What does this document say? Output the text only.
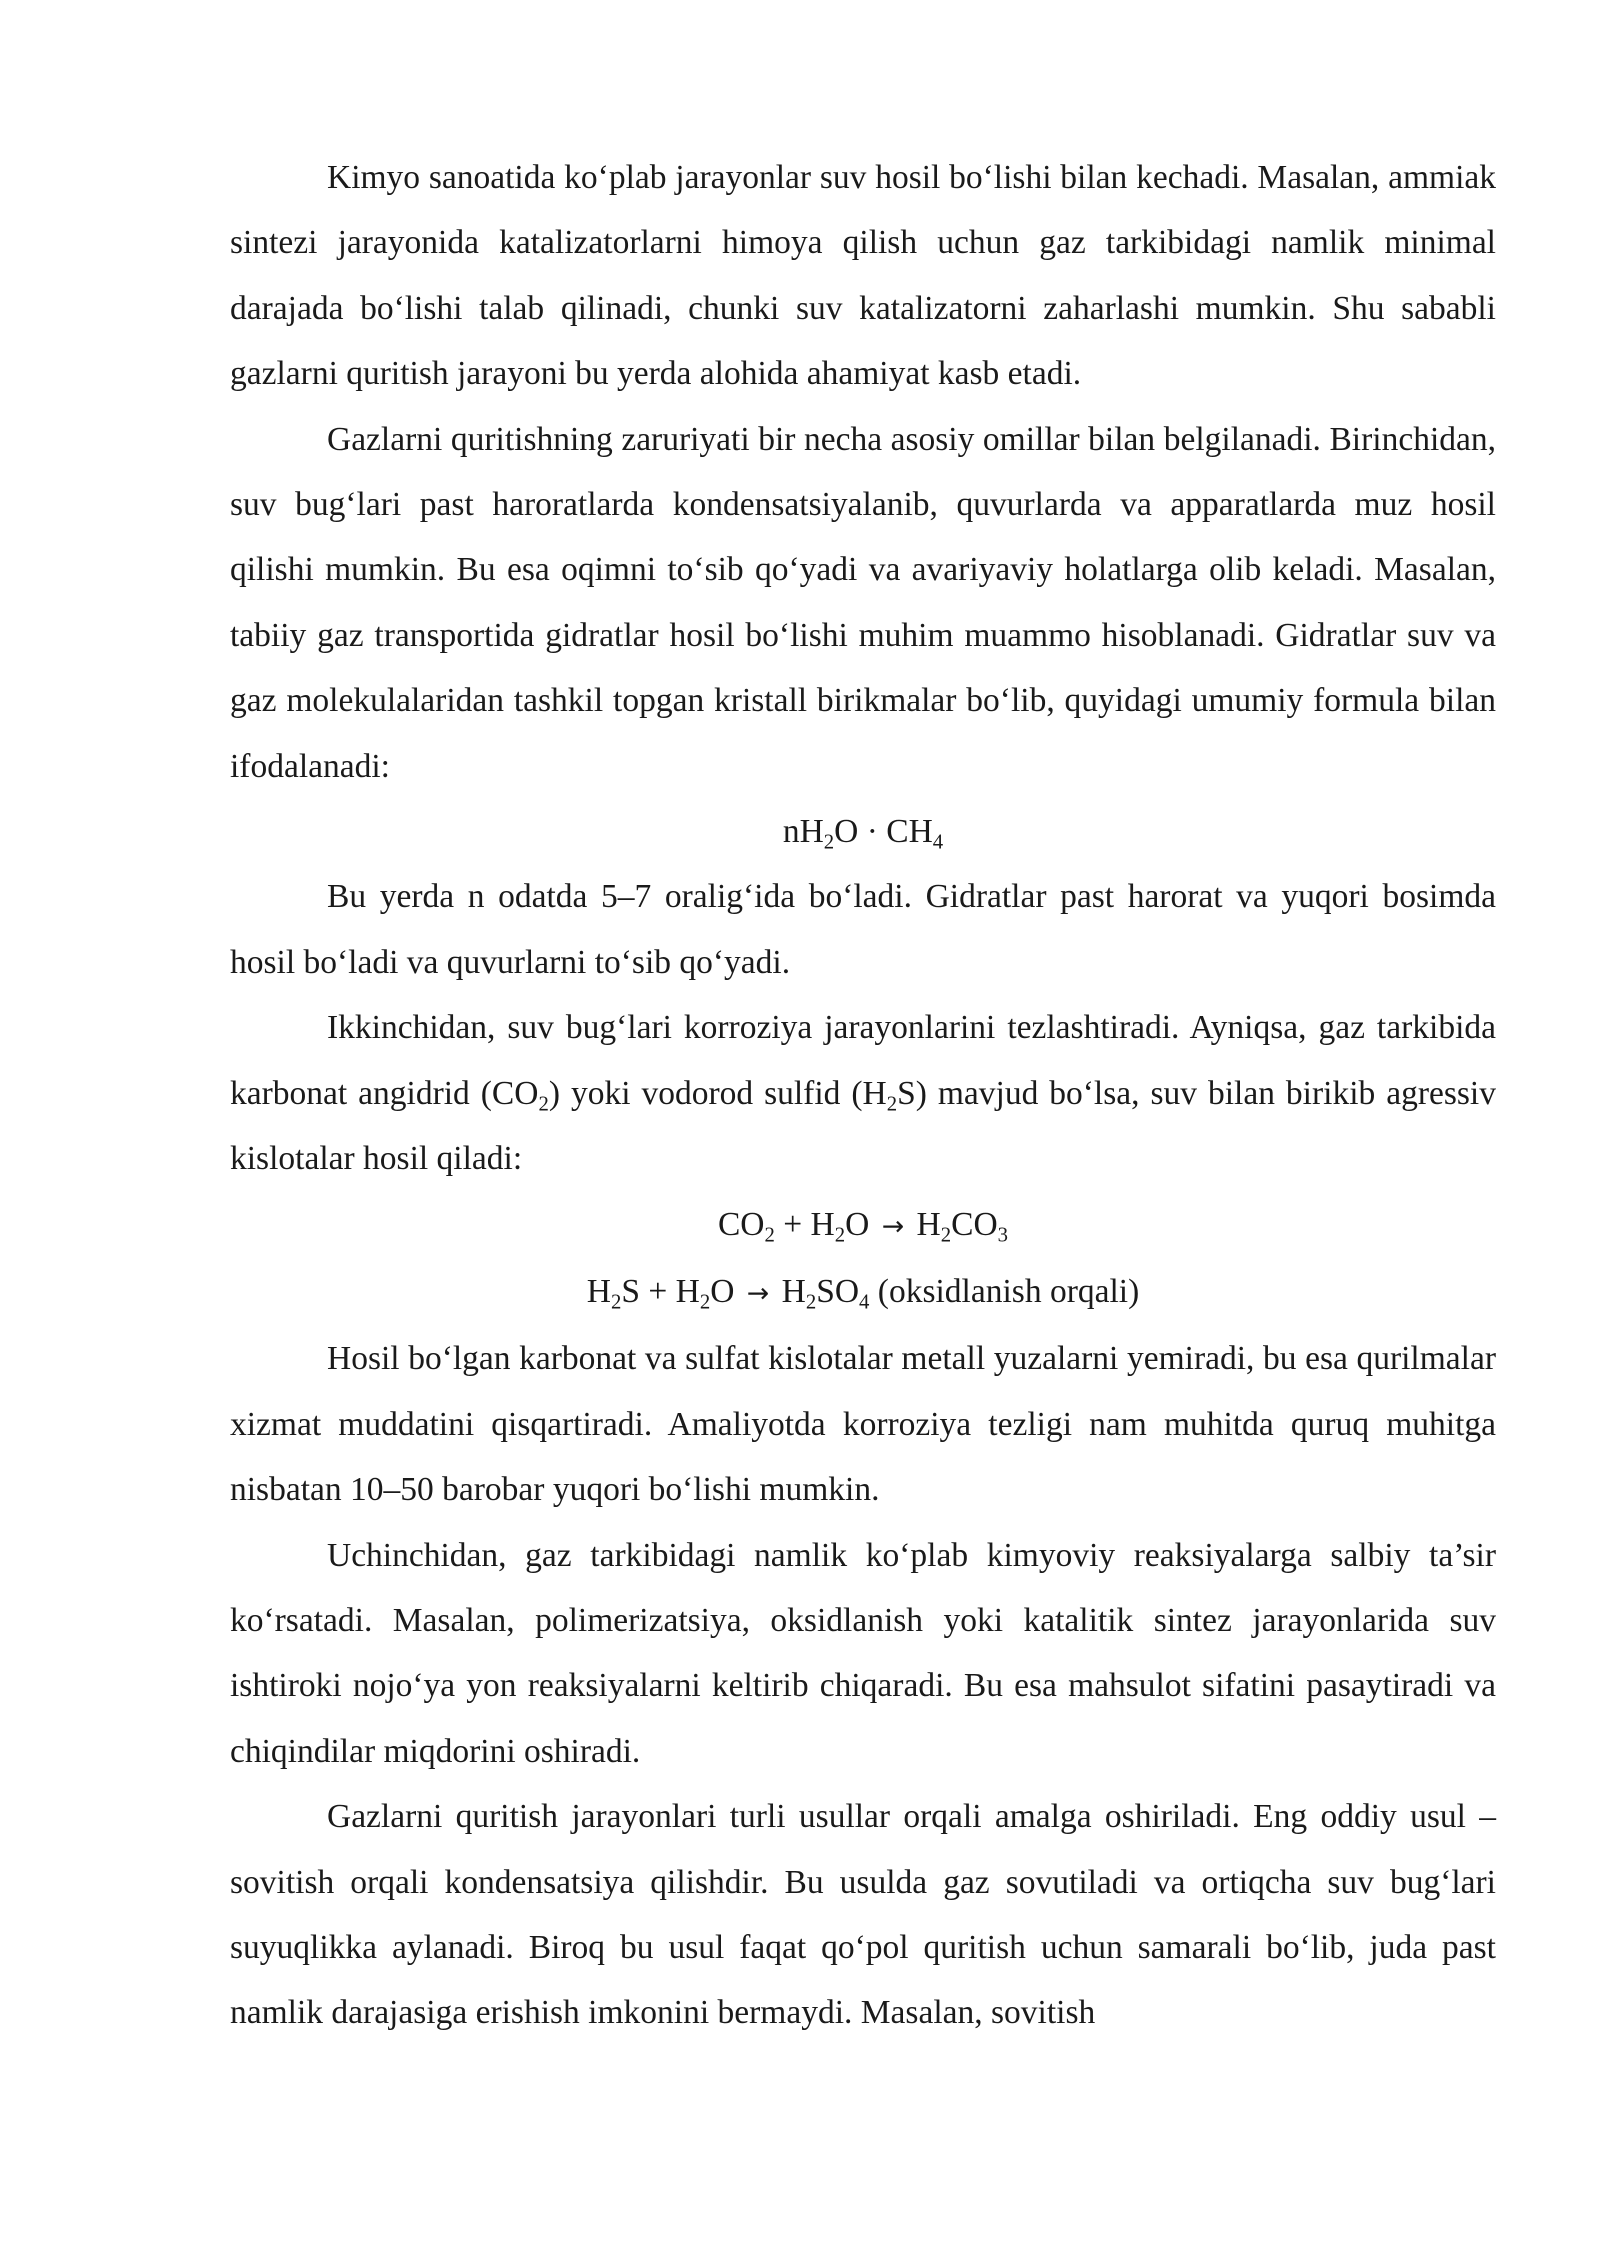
Kimyo sanoatida ko‘plab jarayonlar suv hosil bo‘lishi bilan kechadi. Masalan, ammiak sintezi jarayonida katalizatorlarni himoya qilish uchun gaz tarkibidagi namlik minimal darajada bo‘lishi talab qilinadi, chunki suv katalizatorni zaharlashi mumkin. Shu sababli gazlarni quritish jarayoni bu yerda alohida ahamiyat kasb etadi.

Gazlarni quritishning zaruriyati bir necha asosiy omillar bilan belgilanadi. Birinchidan, suv bug‘lari past haroratlarda kondensatsiyalanib, quvurlarda va apparatlarda muz hosil qilishi mumkin. Bu esa oqimni to‘sib qo‘yadi va avariyaviy holatlarga olib keladi. Masalan, tabiiy gaz transportida gidratlar hosil bo‘lishi muhim muammo hisoblanadi. Gidratlar suv va gaz molekulalaridan tashkil topgan kristall birikmalar bo‘lib, quyidagi umumiy formula bilan ifodalanadi:

$nH_2O \cdot CH_4$

Bu yerda n odatda 5–7 oralig‘ida bo‘ladi. Gidratlar past harorat va yuqori bosimda hosil bo‘ladi va quvurlarni to‘sib qo‘yadi.

Ikkinchidan, suv bug‘lari korroziya jarayonlarini tezlashtiradi. Ayniqsa, gaz tarkibida karbonat angidrid $(CO_2)$ yoki vodorod sulfid $(H_2S)$ mavjud bo‘lsa, suv bilan birikib agressiv kislotalar hosil qiladi:

$CO_2 + H_2O \to H_2CO_3$

$H_2S + H_2O \to H_2SO_4$ (oksidlanish orqali)

Hosil bo‘lgan karbonat va sulfat kislotalar metall yuzalarni yemiradi, bu esa qurilmalar xizmat muddatini qisqartiradi. Amaliyotda korroziya tezligi nam muhitda quruq muhitga nisbatan 10–50 barobar yuqori bo‘lishi mumkin.

Uchinchidan, gaz tarkibidagi namlik ko‘plab kimyoviy reaksiyalarga salbiy ta’sir ko‘rsatadi. Masalan, polimerizatsiya, oksidlanish yoki katalitik sintez jarayonlarida suv ishtiroki nojo‘ya yon reaksiyalarni keltirib chiqaradi. Bu esa mahsulot sifatini pasaytiradi va chiqindilar miqdorini oshiradi.

Gazlarni quritish jarayonlari turli usullar orqali amalga oshiriladi. Eng oddiy usul – sovitish orqali kondensatsiya qilishdir. Bu usulda gaz sovutiladi va ortiqcha suv bug‘lari suyuqlikka aylanadi. Biroq bu usul faqat qo‘pol quritish uchun samarali bo‘lib, juda past namlik darajasiga erishish imkonini bermaydi. Masalan, sovitish
